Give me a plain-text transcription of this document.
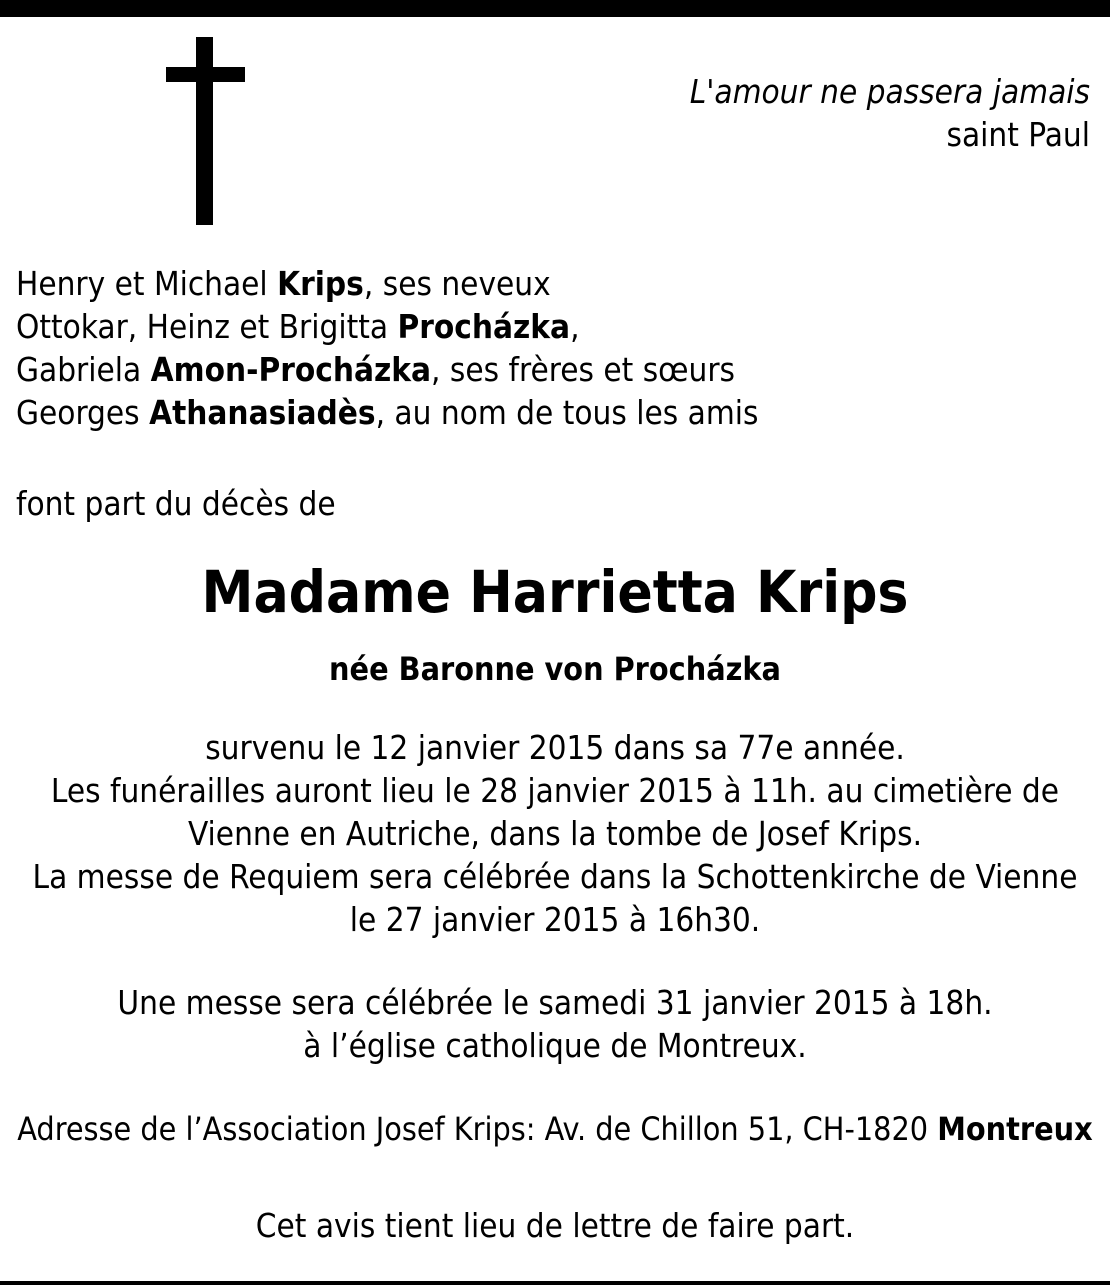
L'amour ne passera jamais
saint Paul
Henry et Michael Krips, ses neveux
Ottokar, Heinz et Brigitta Procházka,
Gabriela Amon-Procházka, ses frères et sœurs
Georges Athanasiadès, au nom de tous les amis
font part du décès de
Madame Harrietta Krips
née Baronne von Procházka
survenu le 12 janvier 2015 dans sa 77e année.
Les funérailles auront lieu le 28 janvier 2015 à 11h. au cimetière de
Vienne en Autriche, dans la tombe de Josef Krips.
La messe de Requiem sera célébrée dans la Schottenkirche de Vienne
le 27 janvier 2015 à 16h30.
Une messe sera célébrée le samedi 31 janvier 2015 à 18h.
à l’église catholique de Montreux.
Adresse de l’Association Josef Krips: Av. de Chillon 51, CH-1820 Montreux
Cet avis tient lieu de lettre de faire part.
